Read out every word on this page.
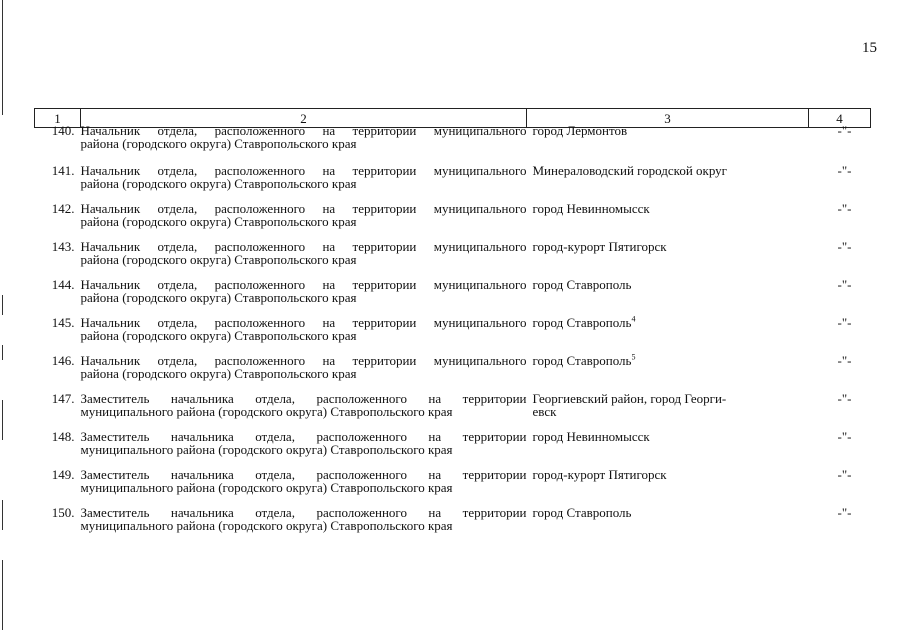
15
1	2	3	4
140.	Начальник отдела, расположенного на территории муниципального
района (городского округа) Ставропольского края	город Лермонтов	-"-
141.	Начальник отдела, расположенного на территории муниципального
района (городского округа) Ставропольского края	Минераловодский городской округ	-"-
142.	Начальник отдела, расположенного на территории муниципального
района (городского округа) Ставропольского края	город Невинномысск	-"-
143.	Начальник отдела, расположенного на территории муниципального
района (городского округа) Ставропольского края	город-курорт Пятигорск	-"-
144.	Начальник отдела, расположенного на территории муниципального
района (городского округа) Ставропольского края	город Ставрополь	-"-
145.	Начальник отдела, расположенного на территории муниципального
района (городского округа) Ставропольского края	город Ставрополь$^4$	-"-
146.	Начальник отдела, расположенного на территории муниципального
района (городского округа) Ставропольского края	город Ставрополь$^5$	-"-
147.	Заместитель начальника отдела, расположенного на территории
муниципального района (городского округа) Ставропольского края	Георгиевский район, город Георги-
евск	-"-
148.	Заместитель начальника отдела, расположенного на территории
муниципального района (городского округа) Ставропольского края	город Невинномысск	-"-
149.	Заместитель начальника отдела, расположенного на территории
муниципального района (городского округа) Ставропольского края	город-курорт Пятигорск	-"-
150.	Заместитель начальника отдела, расположенного на территории
муниципального района (городского округа) Ставропольского края	город Ставрополь	-"-
